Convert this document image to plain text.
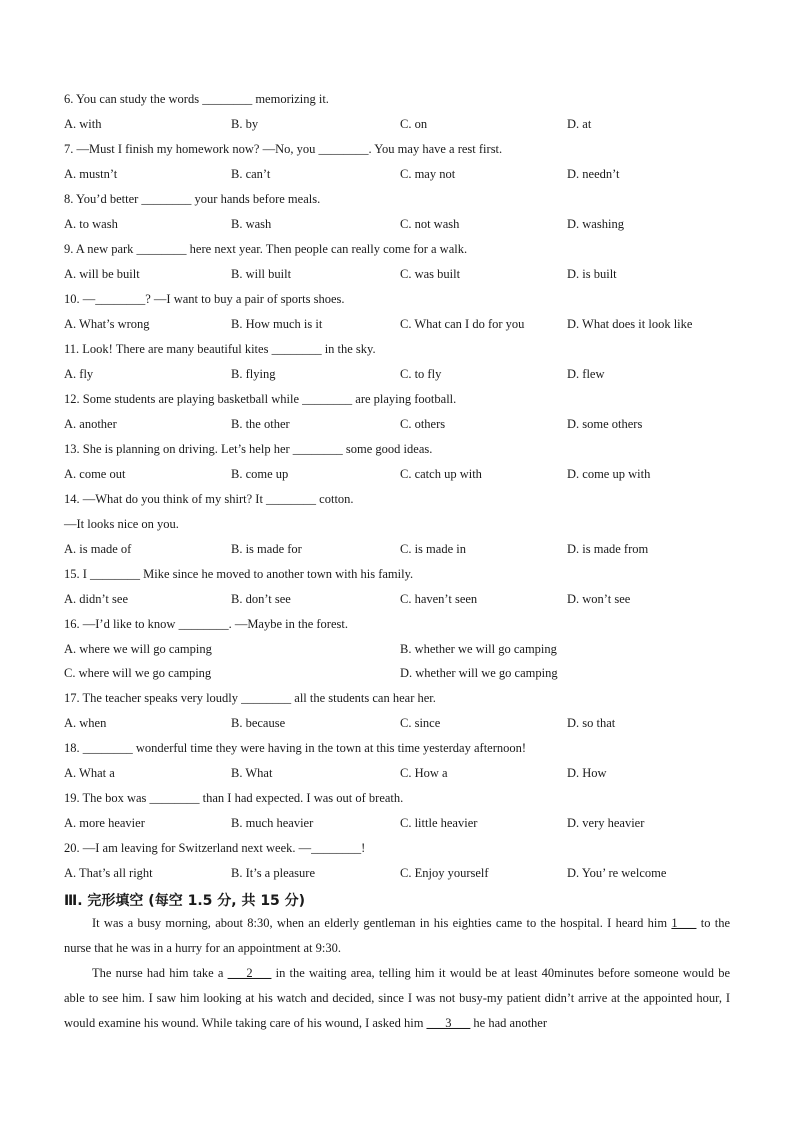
6. You can study the words ________ memorizing it.
A. with	B. by	C. on	D. at
7. —Must I finish my homework now? —No, you ________. You may have a rest first.
A. mustn’t	B. can’t	C. may not	D. needn’t
8. You’d better ________ your hands before meals.
A. to wash	B. wash	C. not wash	D. washing
9. A new park ________ here next year. Then people can really come for a walk.
A. will be built	B. will built	C. was built	D. is built
10. —________? —I want to buy a pair of sports shoes.
A. What’s wrong	B. How much is it	C. What can I do for you	D. What does it look like
11. Look! There are many beautiful kites ________ in the sky.
A. fly	B. flying	C. to fly	D. flew
12. Some students are playing basketball while ________ are playing football.
A. another	B. the other	C. others	D. some others
13. She is planning on driving. Let’s help her ________ some good ideas.
A. come out	B. come up	C. catch up with	D. come up with
14. —What do you think of my shirt? It ________ cotton.
—It looks nice on you.
A. is made of	B. is made for	C. is made in	D. is made from
15. I ________ Mike since he moved to another town with his family.
A. didn’t see	B. don’t see	C. haven’t seen	D. won’t see
16. —I’d like to know ________. —Maybe in the forest.
A. where we will go camping	B. whether we will go camping
C. where will we go camping	D. whether will we go camping
17. The teacher speaks very loudly ________ all the students can hear her.
A. when	B. because	C. since	D. so that
18. ________ wonderful time they were having in the town at this time yesterday afternoon!
A. What a	B. What	C. How a	D. How
19. The box was ________ than I had expected. I was out of breath.
A. more heavier	B. much heavier	C. little heavier	D. very heavier
20. —I am leaving for Switzerland next week. —________!
A. That’s all right	B. It’s a pleasure	C. Enjoy yourself	D. You’ re welcome
Ⅲ. 完形填空 (每空 1.5 分, 共 15 分)
It was a busy morning, about 8:30, when an elderly gentleman in his eighties came to the hospital. I heard him 1___ to the nurse that he was in a hurry for an appointment at 9:30.
The nurse had him take a ___2___ in the waiting area, telling him it would be at least 40minutes before someone would be able to see him. I saw him looking at his watch and decided, since I was not busy-my patient didn’t arrive at the appointed hour, I would examine his wound. While taking care of his wound, I asked him ___3___ he had another
